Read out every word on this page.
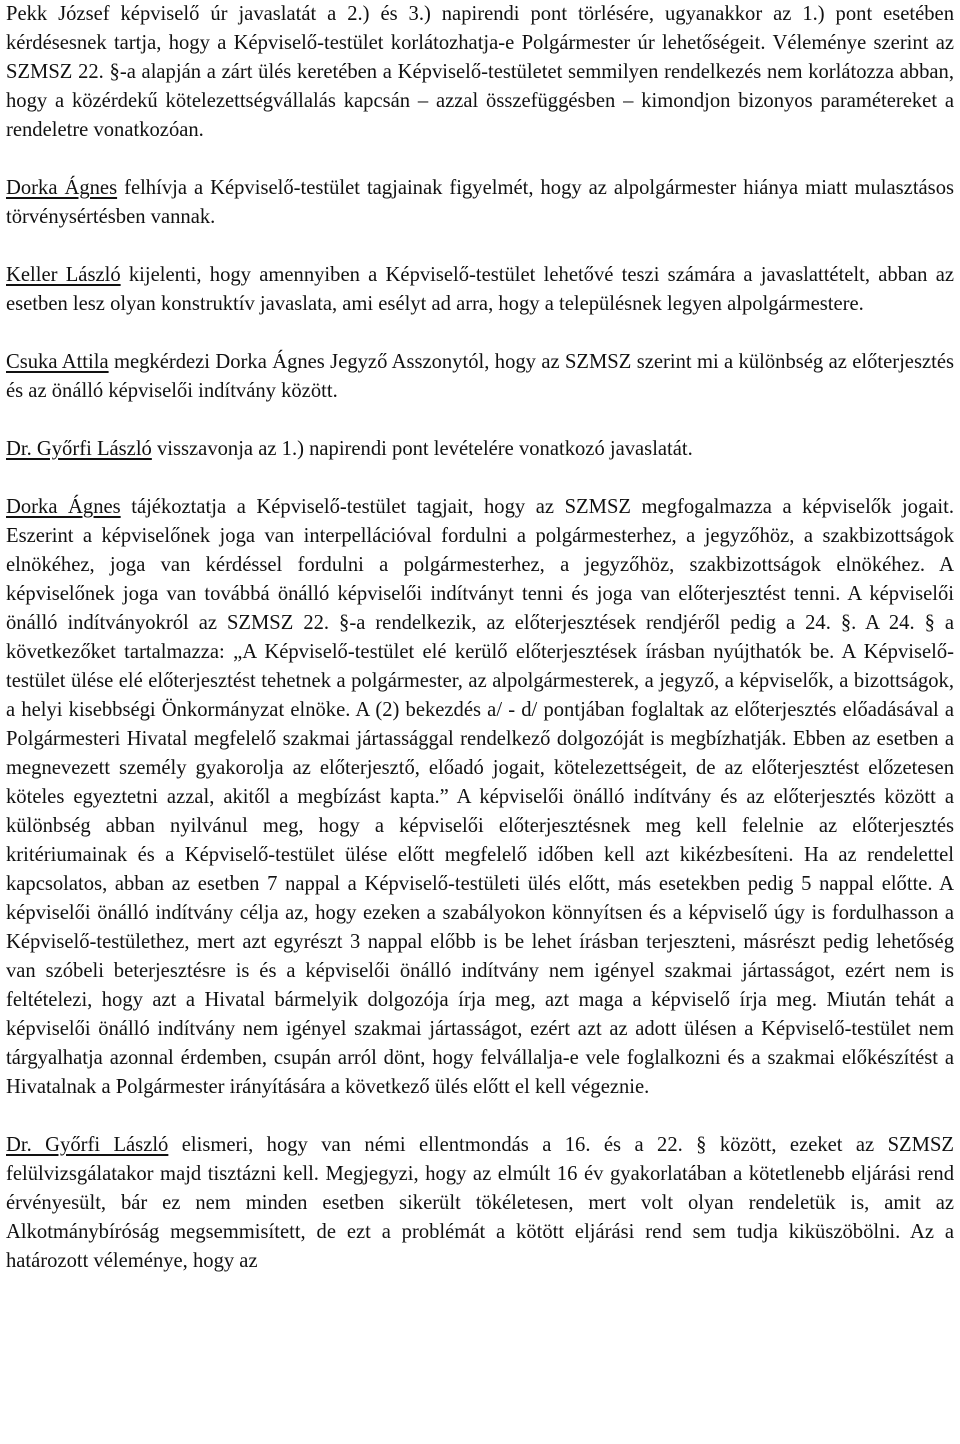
Pekk József képviselő úr javaslatát a 2.) és 3.) napirendi pont törlésére, ugyanakkor az 1.) pont esetében kérdésesnek tartja, hogy a Képviselő-testület korlátozhatja-e Polgármester úr lehetőségeit. Véleménye szerint az SZMSZ 22. §-a alapján a zárt ülés keretében a Képviselő-testületet semmilyen rendelkezés nem korlátozza abban, hogy a közérdekű kötelezettségvállalás kapcsán – azzal összefüggésben – kimondjon bizonyos paramétereket a rendeletre vonatkozóan.

Dorka Ágnes felhívja a Képviselő-testület tagjainak figyelmét, hogy az alpolgármester hiánya miatt mulasztásos törvénysértésben vannak.

Keller László kijelenti, hogy amennyiben a Képviselő-testület lehetővé teszi számára a javaslattételt, abban az esetben lesz olyan konstruktív javaslata, ami esélyt ad arra, hogy a településnek legyen alpolgármestere.

Csuka Attila megkérdezi Dorka Ágnes Jegyző Asszonytól, hogy az SZMSZ szerint mi a különbség az előterjesztés és az önálló képviselői indítvány között.

Dr. Győrfi László visszavonja az 1.) napirendi pont levételére vonatkozó javaslatát.

Dorka Ágnes tájékoztatja a Képviselő-testület tagjait, hogy az SZMSZ megfogalmazza a képviselők jogait. Eszerint a képviselőnek joga van interpellációval fordulni a polgármesterhez, a jegyzőhöz, a szakbizottságok elnökéhez, joga van kérdéssel fordulni a polgármesterhez, a jegyzőhöz, szakbizottságok elnökéhez. A képviselőnek joga van továbbá önálló képviselői indítványt tenni és joga van előterjesztést tenni. A képviselői önálló indítványokról az SZMSZ 22. §-a rendelkezik, az előterjesztések rendjéről pedig a 24. §. A 24. § a következőket tartalmazza: „A Képviselő-testület elé kerülő előterjesztések írásban nyújthatók be. A Képviselő-testület ülése elé előterjesztést tehetnek a polgármester, az alpolgármesterek, a jegyző, a képviselők, a bizottságok, a helyi kisebbségi Önkormányzat elnöke. A (2) bekezdés a/ - d/ pontjában foglaltak az előterjesztés előadásával a Polgármesteri Hivatal megfelelő szakmai jártassággal rendelkező dolgozóját is megbízhatják. Ebben az esetben a megnevezett személy gyakorolja az előterjesztő, előadó jogait, kötelezettségeit, de az előterjesztést előzetesen köteles egyeztetni azzal, akitől a megbízást kapta.” A képviselői önálló indítvány és az előterjesztés között a különbség abban nyilvánul meg, hogy a képviselői előterjesztésnek meg kell felelnie az előterjesztés kritériumainak és a Képviselő-testület ülése előtt megfelelő időben kell azt kikézbesíteni. Ha az rendelettel kapcsolatos, abban az esetben 7 nappal a Képviselő-testületi ülés előtt, más esetekben pedig 5 nappal előtte. A képviselői önálló indítvány célja az, hogy ezeken a szabályokon könnyítsen és a képviselő úgy is fordulhasson a Képviselő-testülethez, mert azt egyrészt 3 nappal előbb is be lehet írásban terjeszteni, másrészt pedig lehetőség van szóbeli beterjesztésre is és a képviselői önálló indítvány nem igényel szakmai jártasságot, ezért nem is feltételezi, hogy azt a Hivatal bármelyik dolgozója írja meg, azt maga a képviselő írja meg. Miután tehát a képviselői önálló indítvány nem igényel szakmai jártasságot, ezért azt az adott ülésen a Képviselő-testület nem tárgyalhatja azonnal érdemben, csupán arról dönt, hogy felvállalja-e vele foglalkozni és a szakmai előkészítést a Hivatalnak a Polgármester irányítására a következő ülés előtt el kell végeznie.

Dr. Győrfi László elismeri, hogy van némi ellentmondás a 16. és a 22. § között, ezeket az SZMSZ felülvizsgálatakor majd tisztázni kell. Megjegyzi, hogy az elmúlt 16 év gyakorlatában a kötetlenebb eljárási rend érvényesült, bár ez nem minden esetben sikerült tökéletesen, mert volt olyan rendeletük is, amit az Alkotmánybíróság megsemmisített, de ezt a problémát a kötött eljárási rend sem tudja kiküszöbölni. Az a határozott véleménye, hogy az
